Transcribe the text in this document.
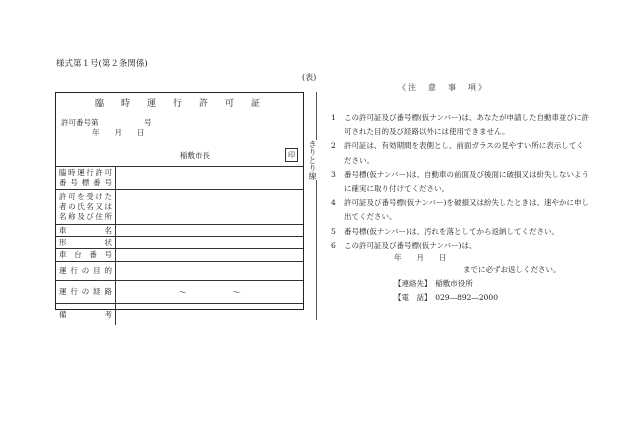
様式第１号(第２条関係)
(表)
臨　時　運　行　許　可　証
許可番号第	号
年　　月　　日
稲敷市長	印
臨時運行許可
番号標番号
許可を受けた
者の氏名又は
名称及び住所
車　　　名
形　　　状
車　台　番　号
運行の目的
運行の経路	〜	〜
備　　　考
きりとり線
《注　意　事　項》
1 この許可証及び番号標(仮ナンバー)は、あなたが申請した自動車並びに許可された目的及び経路以外には使用できません。
2 許可証は、有効期間を表側とし、前面ガラスの見やすい所に表示してください。
3 番号標(仮ナンバー)は、自動車の前面及び後面に破損又は紛失しないように確実に取り付けてください。
4 許可証及び番号標(仮ナンバー)を破損又は紛失したときは、速やかに申し出てください。
5 番号標(仮ナンバー)は、汚れを落としてから返納してください。
6 この許可証及び番号標(仮ナンバー)は、
年　　月　　日
までに必ずお返しください。
【連絡先】　 稲敷市役所
【電　話】　 029―892―2000
